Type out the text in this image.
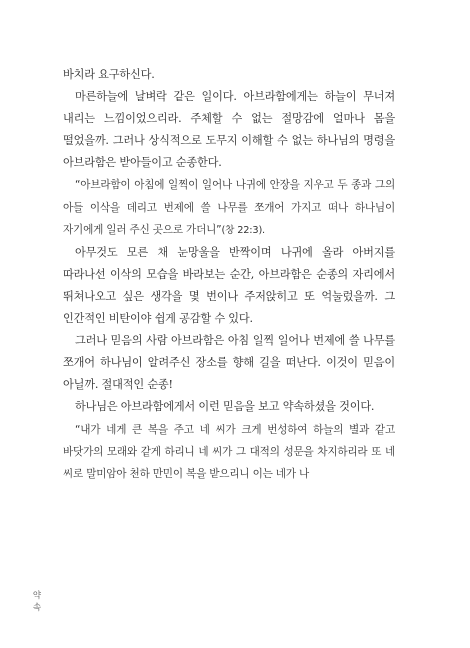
바치라 요구하신다.

마른하늘에 날벼락 같은 일이다. 아브라함에게는 하늘이 무너져 내리는 느낌이었으리라. 주체할 수 없는 절망감에 얼마나 몸을 떨었을까. 그러나 상식적으로 도무지 이해할 수 없는 하나님의 명령을 아브라함은 받아들이고 순종한다.

“아브라함이 아침에 일찍이 일어나 나귀에 안장을 지우고 두 종과 그의 아들 이삭을 데리고 번제에 쓸 나무를 쪼개어 가지고 떠나 하나님이 자기에게 일러 주신 곳으로 가더니”(창 22:3).

아무것도 모른 채 눈망울을 반짝이며 나귀에 올라 아버지를 따라나선 이삭의 모습을 바라보는 순간, 아브라함은 순종의 자리에서 뛰쳐나오고 싶은 생각을 몇 번이나 주저앉히고 또 억눌렀을까. 그 인간적인 비탄이야 쉽게 공감할 수 있다.

그러나 믿음의 사람 아브라함은 아침 일찍 일어나 번제에 쓸 나무를 쪼개어 하나님이 알려주신 장소를 향해 길을 떠난다. 이것이 믿음이 아닐까. 절대적인 순종!

하나님은 아브라함에게서 이런 믿음을 보고 약속하셨을 것이다.

“내가 네게 큰 복을 주고 네 씨가 크게 번성하여 하늘의 별과 같고 바닷가의 모래와 같게 하리니 네 씨가 그 대적의 성문을 차지하리라 또 네 씨로 말미암아 천하 만민이 복을 받으리니 이는 네가 나

약
속
